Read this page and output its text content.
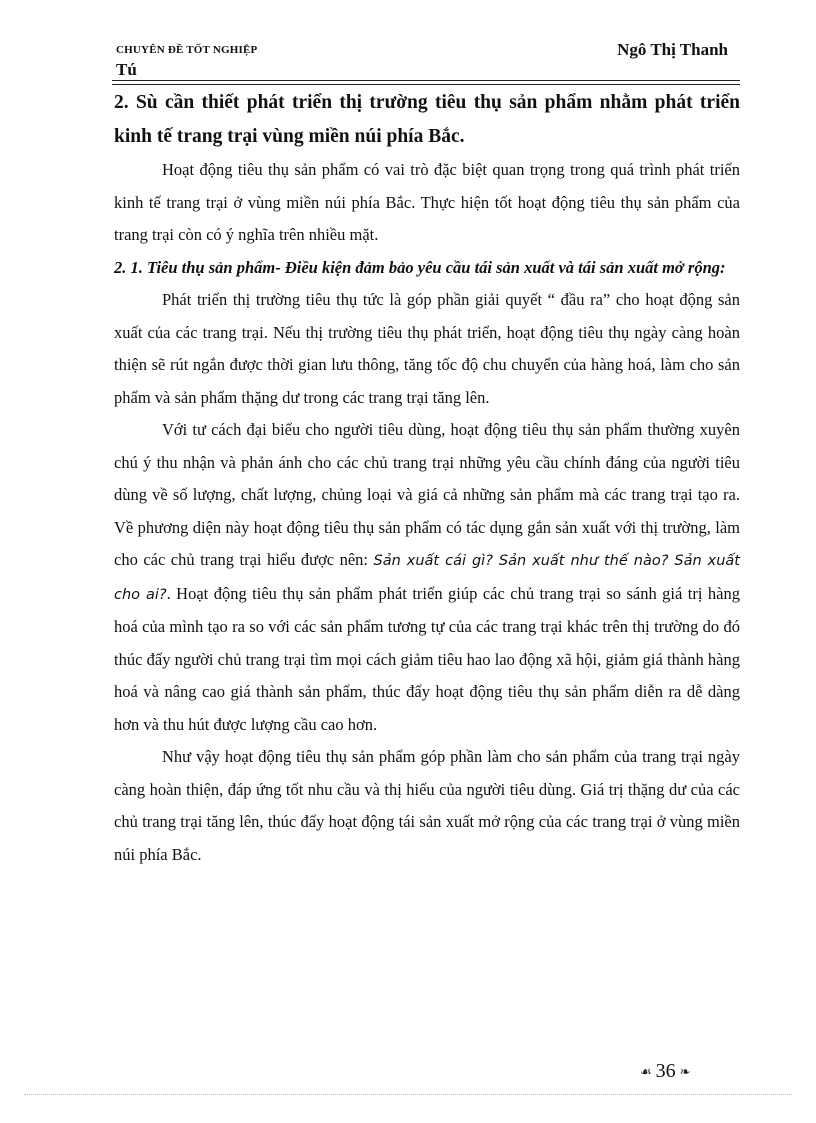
CHUYÊN ĐỀ TỐT NGHIỆP	Ngô Thị Thanh
Tú
2. Sù cần thiết phát triển thị trường tiêu thụ sản phẩm nhằm phát triển kinh tế trang trại vùng miền núi phía Bắc.

Hoạt động tiêu thụ sản phẩm có vai trò đặc biệt quan trọng trong quá trình phát triển kinh tế trang trại ở vùng miền núi phía Bắc. Thực hiện tốt hoạt động tiêu thụ sản phẩm của trang trại còn có ý nghĩa trên nhiều mặt.

2. 1. Tiêu thụ sản phẩm- Điều kiện đảm bảo yêu cầu tái sản xuất và tái sản xuất mở rộng:

Phát triển thị trường tiêu thụ tức là góp phần giải quyết “ đầu ra” cho hoạt động sản xuất của các trang trại. Nếu thị trường tiêu thụ phát triển, hoạt động tiêu thụ ngày càng hoàn thiện sẽ rút ngắn được thời gian lưu thông, tăng tốc độ chu chuyển của hàng hoá, làm cho sản phẩm và sản phẩm thặng dư trong các trang trại tăng lên.

Với tư cách đại biểu cho người tiêu dùng, hoạt động tiêu thụ sản phẩm thường xuyên chú ý thu nhận và phản ánh cho các chủ trang trại những yêu cầu chính đáng của người tiêu dùng về số lượng, chất lượng, chủng loại và giá cả những sản phẩm mà các trang trại tạo ra. Về phương diện này hoạt động tiêu thụ sản phẩm có tác dụng gắn sản xuất với thị trường, làm cho các chủ trang trại hiểu được nên: Sản xuất cái gì? Sản xuất như thế nào? Sản xuất cho ai?. Hoạt động tiêu thụ sản phẩm phát triển giúp các chủ trang trại so sánh giá trị hàng hoá của mình tạo ra so với các sản phẩm tương tự của các trang trại khác trên thị trường do đó thúc đẩy người chủ trang trại tìm mọi cách giảm tiêu hao lao động xã hội, giảm giá thành hàng hoá và nâng cao giá thành sản phẩm, thúc đẩy hoạt động tiêu thụ sản phẩm diễn ra dễ dàng hơn và thu hút được lượng cầu cao hơn.

Như vậy hoạt động tiêu thụ sản phẩm góp phần làm cho sản phẩm của trang trại ngày càng hoàn thiện, đáp ứng tốt nhu cầu và thị hiếu của người tiêu dùng. Giá trị thặng dư của các chủ trang trại tăng lên, thúc đẩy hoạt động tái sản xuất mở rộng của các trang trại ở vùng miền núi phía Bắc.

☙ 36 ❧
